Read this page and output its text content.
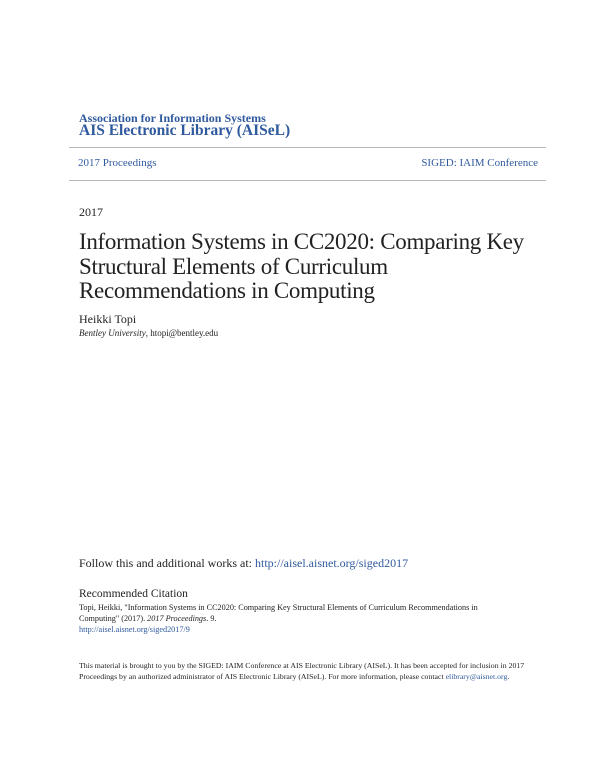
Association for Information Systems
AIS Electronic Library (AISeL)
2017 Proceedings	SIGED: IAIM Conference
2017
Information Systems in CC2020: Comparing Key
Structural Elements of Curriculum
Recommendations in Computing
Heikki Topi
Bentley University, htopi@bentley.edu
Follow this and additional works at: http://aisel.aisnet.org/siged2017
Recommended Citation
Topi, Heikki, "Information Systems in CC2020: Comparing Key Structural Elements of Curriculum Recommendations in Computing" (2017). 2017 Proceedings. 9.
http://aisel.aisnet.org/siged2017/9
This material is brought to you by the SIGED: IAIM Conference at AIS Electronic Library (AISeL). It has been accepted for inclusion in 2017
Proceedings by an authorized administrator of AIS Electronic Library (AISeL). For more information, please contact elibrary@aisnet.org.
